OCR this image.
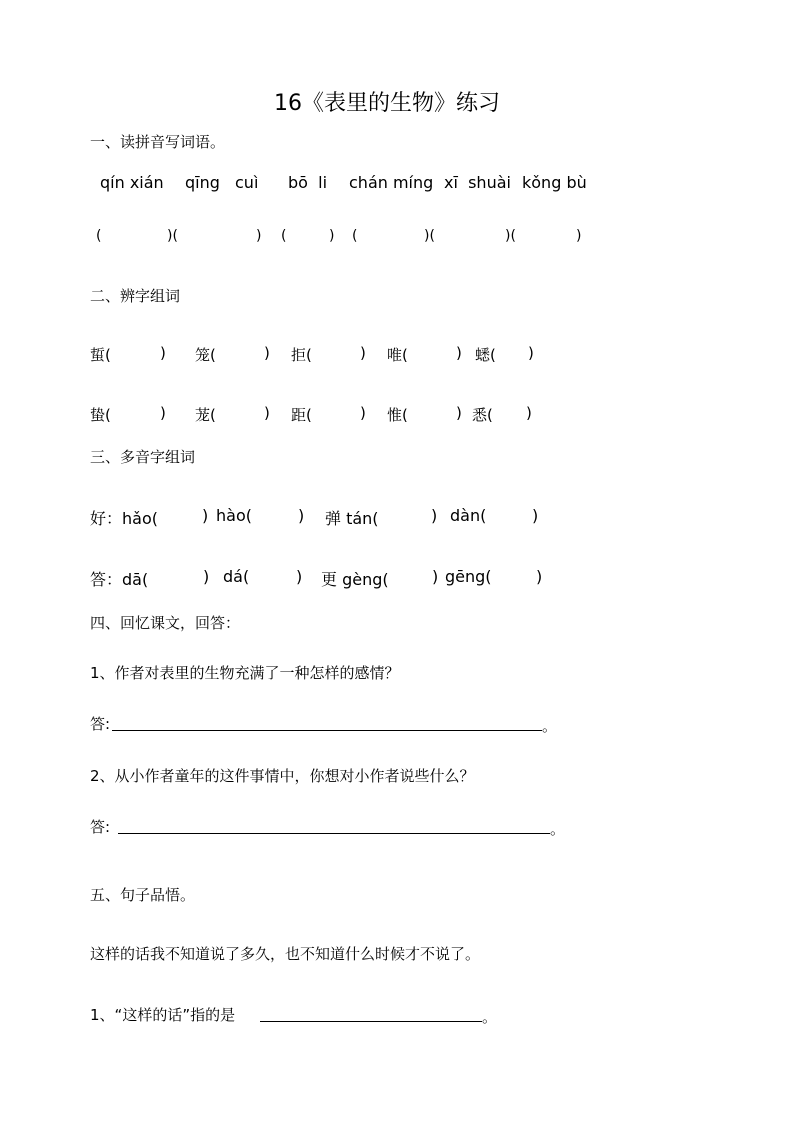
16《表里的生物》练习
一、读拼音写词语。
qín xián qīng cuì bō  li chán míng xī  shuài kǒng bù
(	)(	) (	) (	)(	)(	)
二、辨字组词
蜇(	) 笼(	) 拒(	) 唯(	) 蟋( )
蛰(	) 茏(	) 距(	) 惟(	) 悉( )
三、多音字组词
好：hǎo(	) hào(	) 弹 tán(	) dàn(	)
答：dā(	) dá(	) 更 gèng(	) gēng(	)
四、回忆课文，回答：
1、作者对表里的生物充满了一种怎样的感情？
答:	。
2、从小作者童年的这件事情中，你想对小作者说些什么？
答:	。
五、句子品悟。
这样的话我不知道说了多久，也不知道什么时候才不说了。
1、“这样的话”指的是	。
